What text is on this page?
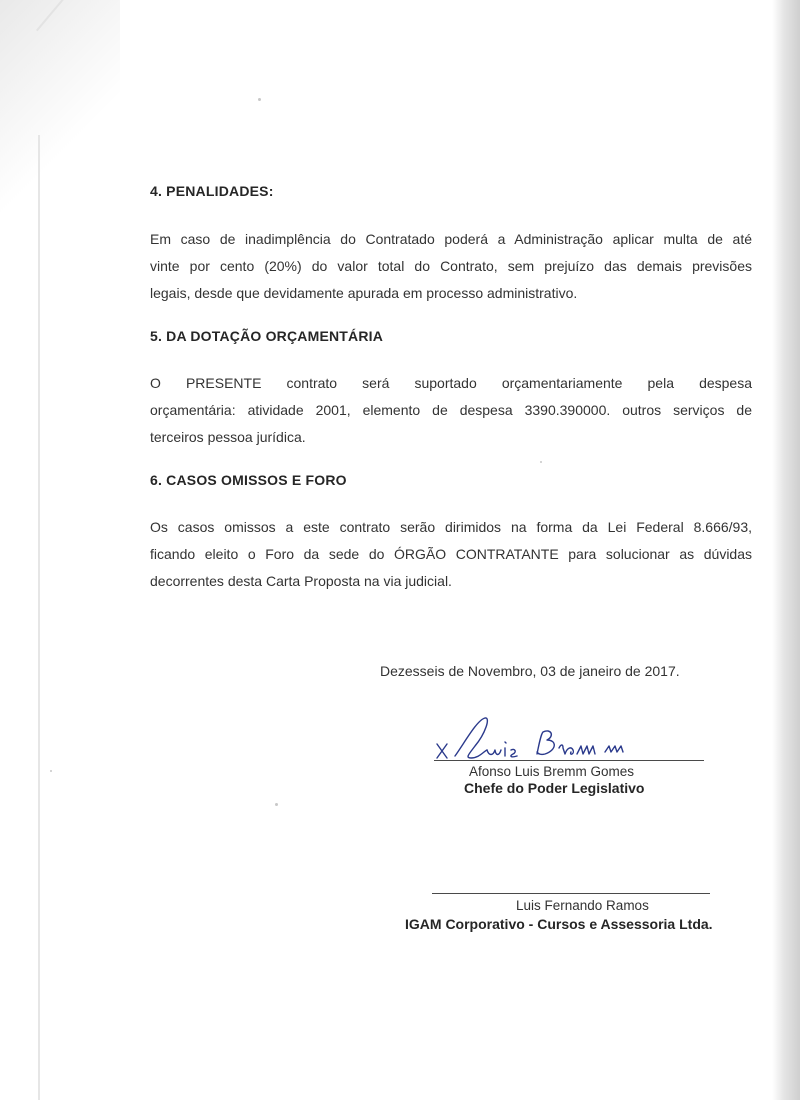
4. PENALIDADES:
Em caso de inadimplência do Contratado poderá a Administração aplicar multa de até
vinte por cento (20%) do valor total do Contrato, sem prejuízo das demais previsões
legais, desde que devidamente apurada em processo administrativo.
5. DA DOTAÇÃO ORÇAMENTÁRIA
O PRESENTE contrato será suportado orçamentariamente pela despesa
orçamentária: atividade 2001, elemento de despesa 3390.390000. outros serviços de
terceiros pessoa jurídica.
6. CASOS OMISSOS E FORO
Os casos omissos a este contrato serão dirimidos na forma da Lei Federal 8.666/93,
ficando eleito o Foro da sede do ÓRGÃO CONTRATANTE para solucionar as dúvidas
decorrentes desta Carta Proposta na via judicial.
Dezesseis de Novembro, 03 de janeiro de 2017.
Afonso Luis Bremm Gomes
Chefe do Poder Legislativo
Luis Fernando Ramos
IGAM Corporativo - Cursos e Assessoria Ltda.
